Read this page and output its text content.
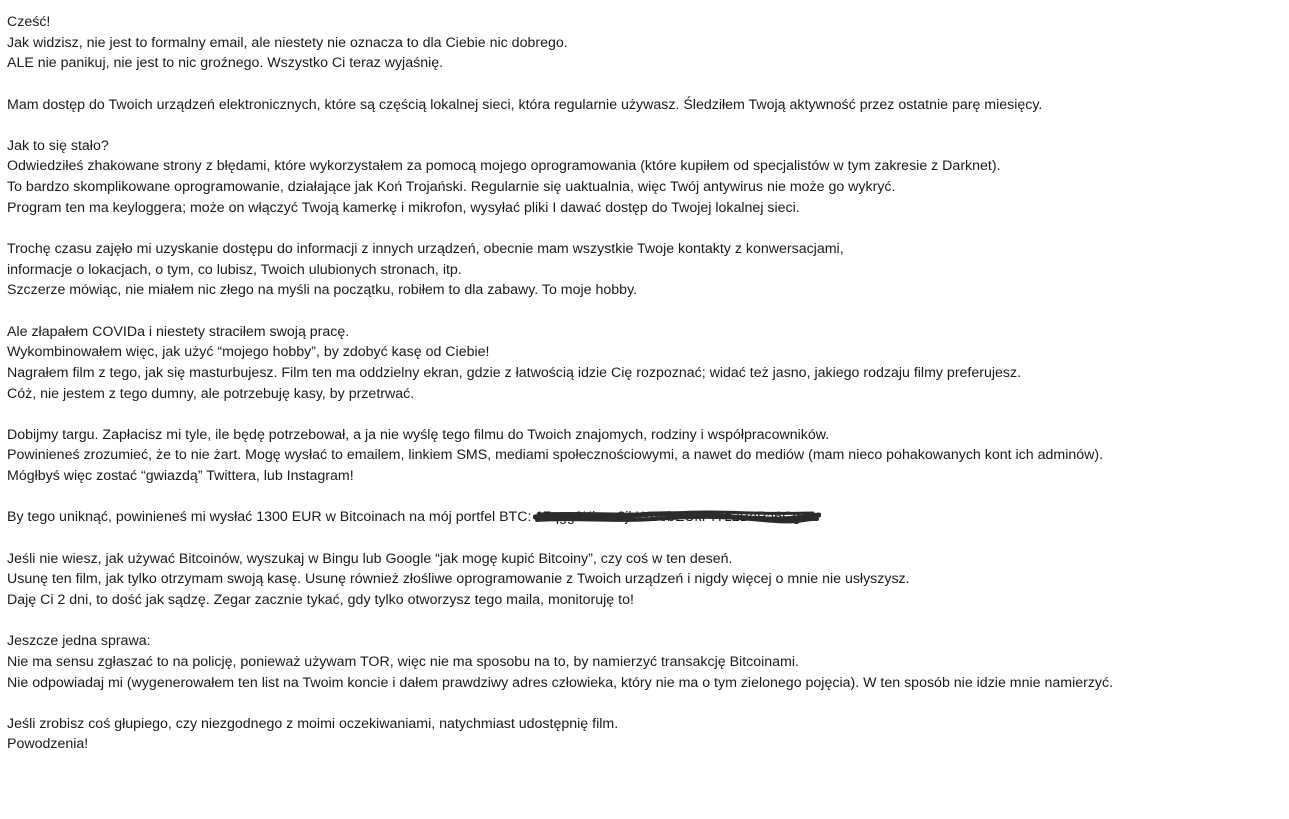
Cześć!
Jak widzisz, nie jest to formalny email, ale niestety nie oznacza to dla Ciebie nic dobrego.
ALE nie panikuj, nie jest to nic groźnego. Wszystko Ci teraz wyjaśnię.
Mam dostęp do Twoich urządzeń elektronicznych, które są częścią lokalnej sieci, która regularnie używasz. Śledziłem Twoją aktywność przez ostatnie parę miesięcy.
Jak to się stało?
Odwiedziłeś zhakowane strony z błędami, które wykorzystałem za pomocą mojego oprogramowania (które kupiłem od specjalistów w tym zakresie z Darknet).
To bardzo skomplikowane oprogramowanie, działające jak Koń Trojański. Regularnie się uaktualnia, więc Twój antywirus nie może go wykryć.
Program ten ma keyloggera; może on włączyć Twoją kamerkę i mikrofon, wysyłać pliki I dawać dostęp do Twojej lokalnej sieci.
Trochę czasu zajęło mi uzyskanie dostępu do informacji z innych urządzeń, obecnie mam wszystkie Twoje kontakty z konwersacjami,
informacje o lokacjach, o tym, co lubisz, Twoich ulubionych stronach, itp.
Szczerze mówiąc, nie miałem nic złego na myśli na początku, robiłem to dla zabawy. To moje hobby.
Ale złapałem COVIDa i niestety straciłem swoją pracę.
Wykombinowałem więc, jak użyć “mojego hobby”, by zdobyć kasę od Ciebie!
Nagrałem film z tego, jak się masturbujesz. Film ten ma oddzielny ekran, gdzie z łatwością idzie Cię rozpoznać; widać też jasno, jakiego rodzaju filmy preferujesz.
Cóż, nie jestem z tego dumny, ale potrzebuję kasy, by przetrwać.
Dobijmy targu. Zapłacisz mi tyle, ile będę potrzebował, a ja nie wyślę tego filmu do Twoich znajomych, rodziny i współpracowników.
Powinieneś zrozumieć, że to nie żart. Mogę wysłać to emailem, linkiem SMS, mediami społecznościowymi, a nawet do mediów (mam nieco pohakowanych kont ich adminów).
Mógłbyś więc zostać “gwiazdą” Twittera, lub Instagram!
By tego uniknąć, powinieneś mi wysłać 1300 EUR w Bitcoinach na mój portfel BTC: 17qgg2Kbvw8jhWBobEUkPfYz2BePa6Cgzz
Jeśli nie wiesz, jak używać Bitcoinów, wyszukaj w Bingu lub Google “jak mogę kupić Bitcoiny”, czy coś w ten deseń.
Usunę ten film, jak tylko otrzymam swoją kasę. Usunę również złośliwe oprogramowanie z Twoich urządzeń i nigdy więcej o mnie nie usłyszysz.
Daję Ci 2 dni, to dość jak sądzę. Zegar zacznie tykać, gdy tylko otworzysz tego maila, monitoruję to!
Jeszcze jedna sprawa:
Nie ma sensu zgłaszać to na policję, ponieważ używam TOR, więc nie ma sposobu na to, by namierzyć transakcję Bitcoinami.
Nie odpowiadaj mi (wygenerowałem ten list na Twoim koncie i dałem prawdziwy adres człowieka, który nie ma o tym zielonego pojęcia). W ten sposób nie idzie mnie namierzyć.
Jeśli zrobisz coś głupiego, czy niezgodnego z moimi oczekiwaniami, natychmiast udostępnię film.
Powodzenia!
